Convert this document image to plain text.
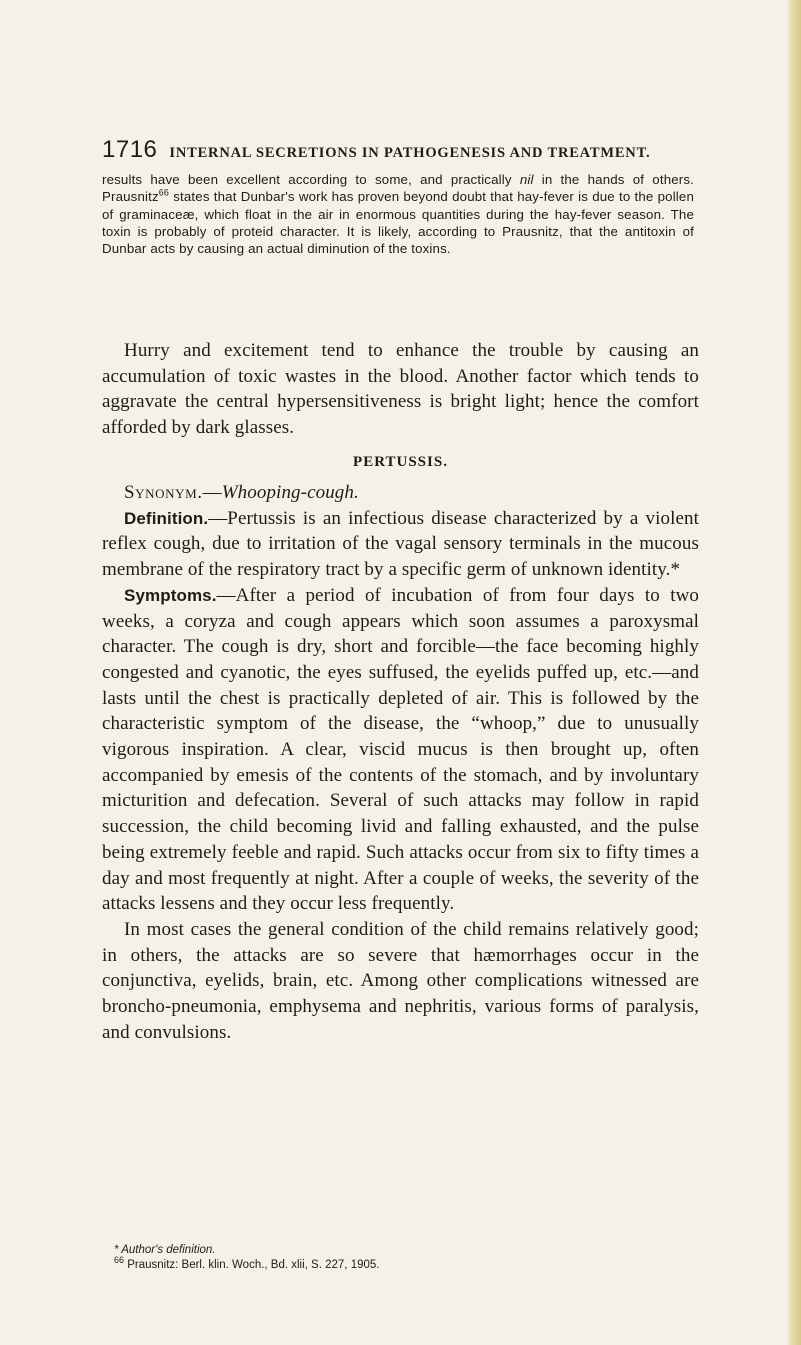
1716 INTERNAL SECRETIONS IN PATHOGENESIS AND TREATMENT.

results have been excellent according to some, and practically nil in the hands of others. Prausnitz$^{66}$ states that Dunbar's work has proven beyond doubt that hay-fever is due to the pollen of graminaceæ, which float in the air in enormous quantities during the hay-fever season. The toxin is probably of proteid character. It is likely, according to Prausnitz, that the antitoxin of Dunbar acts by causing an actual diminution of the toxins.

Hurry and excitement tend to enhance the trouble by causing an accumulation of toxic wastes in the blood. Another factor which tends to aggravate the central hypersensitiveness is bright light; hence the comfort afforded by dark glasses.

PERTUSSIS.

Synonym.—Whooping-cough.

Definition.—Pertussis is an infectious disease characterized by a violent reflex cough, due to irritation of the vagal sensory terminals in the mucous membrane of the respiratory tract by a specific germ of unknown identity.*

Symptoms.—After a period of incubation of from four days to two weeks, a coryza and cough appears which soon assumes a paroxysmal character. The cough is dry, short and forcible—the face becoming highly congested and cyanotic, the eyes suffused, the eyelids puffed up, etc.—and lasts until the chest is practically depleted of air. This is followed by the characteristic symptom of the disease, the “whoop,” due to unusually vigorous inspiration. A clear, viscid mucus is then brought up, often accompanied by emesis of the contents of the stomach, and by involuntary micturition and defecation. Several of such attacks may follow in rapid succession, the child becoming livid and falling exhausted, and the pulse being extremely feeble and rapid. Such attacks occur from six to fifty times a day and most frequently at night. After a couple of weeks, the severity of the attacks lessens and they occur less frequently.

In most cases the general condition of the child remains relatively good; in others, the attacks are so severe that hæmorrhages occur in the conjunctiva, eyelids, brain, etc. Among other complications witnessed are broncho-pneumonia, emphysema and nephritis, various forms of paralysis, and convulsions.

* Author's definition.

$^{66}$ Prausnitz: Berl. klin. Woch., Bd. xlii, S. 227, 1905.
